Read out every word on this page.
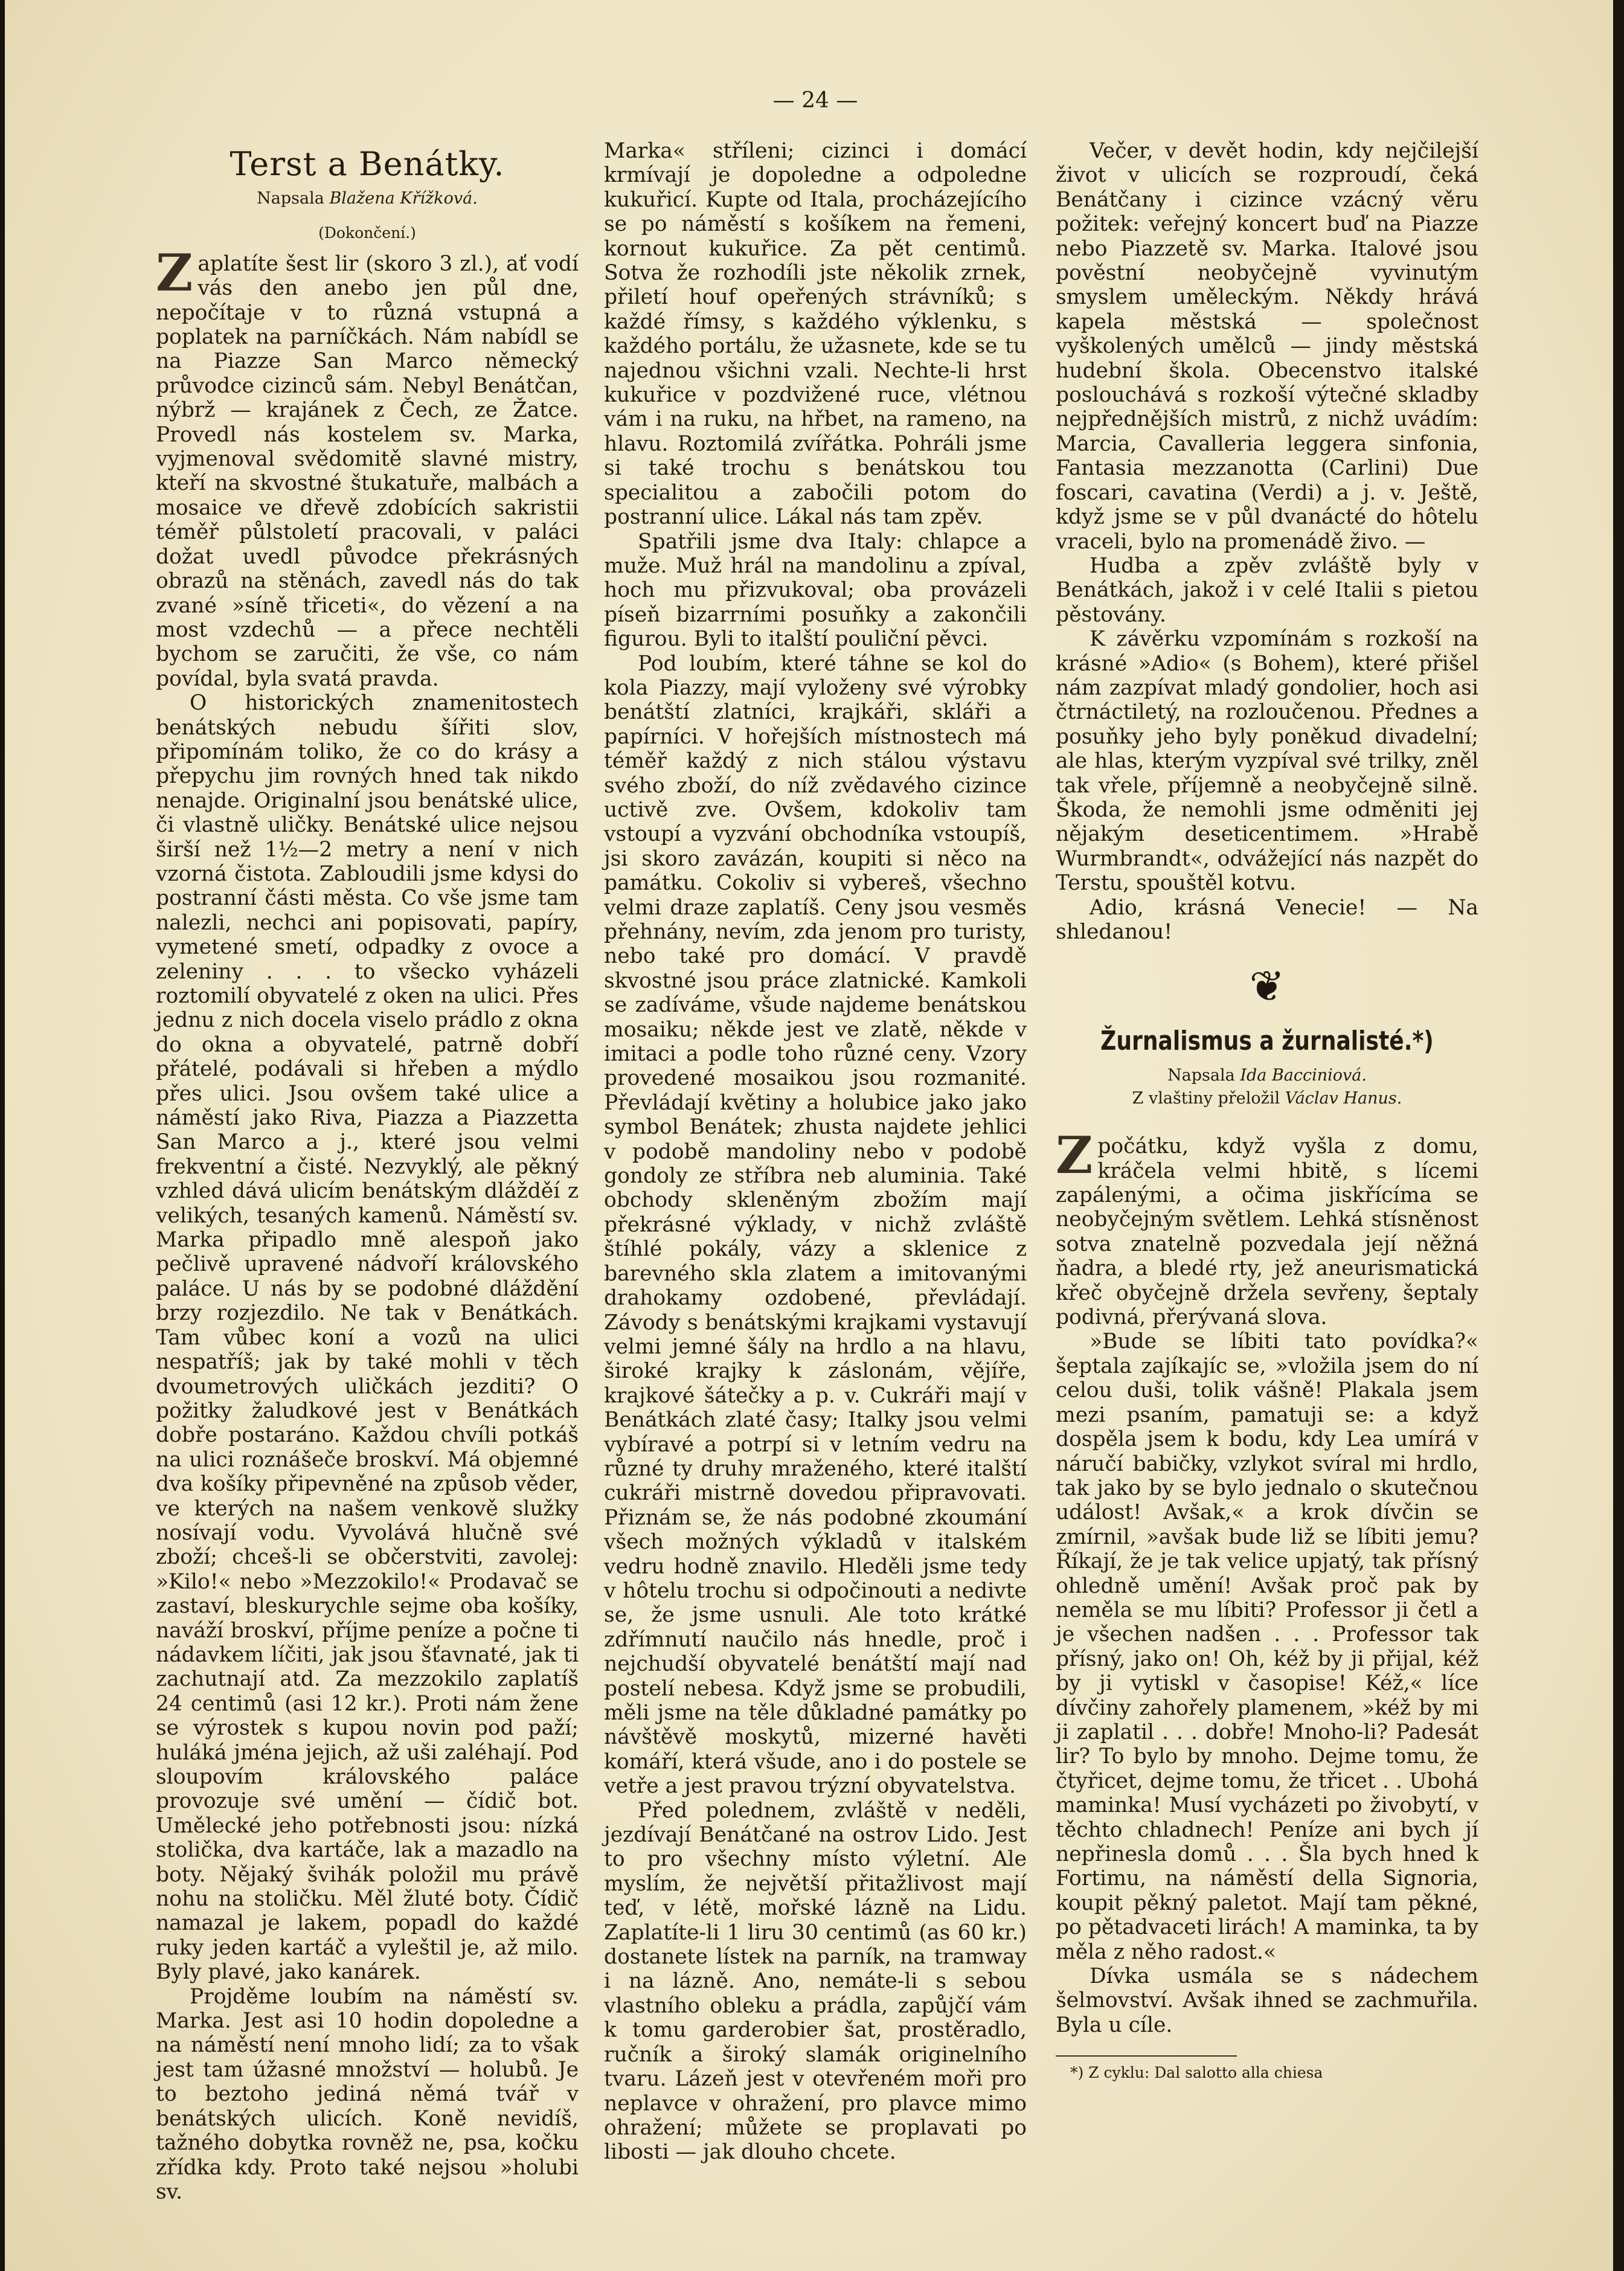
— 24 —
Terst a Benátky.
Napsala Blažena Křížková.
(Dokončení.)

Zaplatíte šest lir (skoro 3 zl.), ať vodí vás den anebo jen půl dne, nepočítaje v to různá vstupná a poplatek na parníčkách. Nám nabídl se na Piazze San Marco německý průvodce cizinců sám. Nebyl Benátčan, nýbrž — krajánek z Čech, ze Žatce. Provedl nás kostelem sv. Marka, vyjmenoval svědomitě slavné mistry, kteří na skvostné štukatuře, malbách a mosaice ve dřevě zdobících sakristii téměř půlstoletí pracovali, v paláci dožat uvedl původce překrásných obrazů na stěnách, zavedl nás do tak zvané »síně třiceti«, do vězení a na most vzdechů — a přece nechtěli bychom se zaručiti, že vše, co nám povídal, byla svatá pravda.

O historických znamenitostech benátských nebudu šířiti slov, připomínám toliko, že co do krásy a přepychu jim rovných hned tak nikdo nenajde. Originalní jsou benátské ulice, či vlastně uličky. Benátské ulice nejsou širší než 1½—2 metry a není v nich vzorná čistota. Zabloudili jsme kdysi do postranní části města. Co vše jsme tam nalezli, nechci ani popisovati, papíry, vymetené smetí, odpadky z ovoce a zeleniny . . . to všecko vyházeli roztomilí obyvatelé z oken na ulici. Přes jednu z nich docela viselo prádlo z okna do okna a obyvatelé, patrně dobří přátelé, podávali si hřeben a mýdlo přes ulici. Jsou ovšem také ulice a náměstí jako Riva, Piazza a Piazzetta San Marco a j., které jsou velmi frekventní a čisté. Nezvyklý, ale pěkný vzhled dává ulicím benátským dlážděí z velikých, tesaných kamenů. Náměstí sv. Marka připadlo mně alespoň jako pečlivě upravené nádvoří královského paláce. U nás by se podobné dláždění brzy rozjezdilo. Ne tak v Benátkách. Tam vůbec koní a vozů na ulici nespatříš; jak by také mohli v těch dvoumetrových uličkách jezditi? O požitky žaludkové jest v Benátkách dobře postaráno. Každou chvíli potkáš na ulici roznášeče broskví. Má objemné dva košíky připevněné na způsob věder, ve kterých na našem venkově služky nosívají vodu. Vyvolává hlučně své zboží; chceš-li se občerstviti, zavolej: »Kilo!« nebo »Mezzokilo!« Prodavač se zastaví, bleskurychle sejme oba košíky, naváží broskví, příjme peníze a počne ti nádavkem líčiti, jak jsou šťavnaté, jak ti zachutnají atd. Za mezzokilo zaplatíš 24 centimů (asi 12 kr.). Proti nám žene se výrostek s kupou novin pod paží; huláká jména jejich, až uši zaléhají. Pod sloupovím královského paláce provozuje své umění — čídič bot. Umělecké jeho potřebnosti jsou: nízká stolička, dva kartáče, lak a mazadlo na boty. Nějaký švihák položil mu právě nohu na stoličku. Měl žluté boty. Čídič namazal je lakem, popadl do každé ruky jeden kartáč a vyleštil je, až milo. Byly plavé, jako kanárek.

Projděme loubím na náměstí sv. Marka. Jest asi 10 hodin dopoledne a na náměstí není mnoho lidí; za to však jest tam úžasné množství — holubů. Je to beztoho jediná němá tvář v benátských ulicích. Koně nevidíš, tažného dobytka rovněž ne, psa, kočku zřídka kdy. Proto také nejsou »holubi sv.

Marka« stříleni; cizinci i domácí krmívají je dopoledne a odpoledne kukuřicí. Kupte od Itala, procházejícího se po náměstí s košíkem na řemeni, kornout kukuřice. Za pět centimů. Sotva že rozhodíli jste několik zrnek, přiletí houf opeřených strávníků; s každé římsy, s každého výklenku, s každého portálu, že užasnete, kde se tu najednou všichni vzali. Nechte-li hrst kukuřice v pozdvižené ruce, vlétnou vám i na ruku, na hřbet, na rameno, na hlavu. Roztomilá zvířátka. Pohráli jsme si také trochu s benátskou tou specialitou a zabočili potom do postranní ulice. Lákal nás tam zpěv.

Spatřili jsme dva Italy: chlapce a muže. Muž hrál na mandolinu a zpíval, hoch mu přizvukoval; oba provázeli píseň bizarrními posuňky a zakončili figurou. Byli to italští pouliční pěvci.

Pod loubím, které táhne se kol do kola Piazzy, mají vyloženy své výrobky benátští zlatníci, krajkáři, skláři a papírníci. V hořejších místnostech má téměř každý z nich stálou výstavu svého zboží, do níž zvědavého cizince uctivě zve. Ovšem, kdokoliv tam vstoupí a vyzvání obchodníka vstoupíš, jsi skoro zavázán, koupiti si něco na památku. Cokoliv si vybereš, všechno velmi draze zaplatíš. Ceny jsou vesměs přehnány, nevím, zda jenom pro turisty, nebo také pro domácí. V pravdě skvostné jsou práce zlatnické. Kamkoli se zadíváme, všude najdeme benátskou mosaiku; někde jest ve zlatě, někde v imitaci a podle toho různé ceny. Vzory provedené mosaikou jsou rozmanité. Převládají květiny a holubice jako jako symbol Benátek; zhusta najdete jehlici v podobě mandoliny nebo v podobě gondoly ze stříbra neb aluminia. Také obchody skleněným zbožím mají překrásné výklady, v nichž zvláště štíhlé pokály, vázy a sklenice z barevného skla zlatem a imitovanými drahokamy ozdobené, převládají. Závody s benátskými krajkami vystavují velmi jemné šály na hrdlo a na hlavu, široké krajky k záslonám, vějíře, krajkové šátečky a p. v. Cukráři mají v Benátkách zlaté časy; Italky jsou velmi vybíravé a potrpí si v letním vedru na různé ty druhy mraženého, které italští cukráři mistrně dovedou připravovati. Přiznám se, že nás podobné zkoumání všech možných výkladů v italském vedru hodně znavilo. Hleděli jsme tedy v hôtelu trochu si odpočinouti a nedivte se, že jsme usnuli. Ale toto krátké zdřímnutí naučilo nás hnedle, proč i nejchudší obyvatelé benátští mají nad postelí nebesa. Když jsme se probudili, měli jsme na těle důkladné památky po návštěvě moskytů, mizerné havěti komáří, která všude, ano i do postele se vetře a jest pravou trýzní obyvatelstva.

Před polednem, zvláště v neděli, jezdívají Benátčané na ostrov Lido. Jest to pro všechny místo výletní. Ale myslím, že největší přitažlivost mají teď, v létě, mořské lázně na Lidu. Zaplatíte-li 1 liru 30 centimů (as 60 kr.) dostanete lístek na parník, na tramway i na lázně. Ano, nemáte-li s sebou vlastního obleku a prádla, zapůjčí vám k tomu garderobier šat, prostěradlo, ručník a široký slamák originelního tvaru. Lázeň jest v otevřeném moři pro neplavce v ohražení, pro plavce mimo ohražení; můžete se proplavati po libosti — jak dlouho chcete.

Večer, v devět hodin, kdy nejčilejší život v ulicích se rozproudí, čeká Benátčany i cizince vzácný věru požitek: veřejný koncert buď na Piazze nebo Piazzetě sv. Marka. Italové jsou pověstní neobyčejně vyvinutým smyslem uměleckým. Někdy hrává kapela městská — společnost vyškolených umělců — jindy městská hudební škola. Obecenstvo italské poslouchává s rozkoší výtečné skladby nejpřednějších mistrů, z nichž uvádím: Marcia, Cavalleria leggera sinfonia, Fantasia mezzanotta (Carlini) Due foscari, cavatina (Verdi) a j. v. Ještě, když jsme se v půl dvanácté do hôtelu vraceli, bylo na promenádě živo. —

Hudba a zpěv zvláště byly v Benátkách, jakož i v celé Italii s pietou pěstovány.

K závěrku vzpomínám s rozkoší na krásné »Adio« (s Bohem), které přišel nám zazpívat mladý gondolier, hoch asi čtrnáctiletý, na rozloučenou. Přednes a posuňky jeho byly poněkud divadelní; ale hlas, kterým vyzpíval své trilky, zněl tak vřele, příjemně a neobyčejně silně. Škoda, že nemohli jsme odměniti jej nějakým deseticentimem. »Hrabě Wurmbrandt«, odvážející nás nazpět do Terstu, spouštěl kotvu.

Adio, krásná Venecie! — Na shledanou!

❦
Žurnalismus a žurnalisté.*)
Napsala Ida Bacciniová.
Z vlaštiny přeložil Václav Hanus.

Zpočátku, když vyšla z domu, kráčela velmi hbitě, s lícemi zapálenými, a očima jiskřícíma se neobyčejným světlem. Lehká stísněnost sotva znatelně pozvedala její něžná ňadra, a bledé rty, jež aneurismatická křeč obyčejně držela sevřeny, šeptaly podivná, přerývaná slova.

»Bude se líbiti tato povídka?« šeptala zajíkajíc se, »vložila jsem do ní celou duši, tolik vášně! Plakala jsem mezi psaním, pamatuji se: a když dospěla jsem k bodu, kdy Lea umírá v náručí babičky, vzlykot svíral mi hrdlo, tak jako by se bylo jednalo o skutečnou událost! Avšak,« a krok dívčin se zmírnil, »avšak bude liž se líbiti jemu? Říkají, že je tak velice upjatý, tak přísný ohledně umění! Avšak proč pak by neměla se mu líbiti? Professor ji četl a je všechen nadšen . . . Professor tak přísný, jako on! Oh, kéž by ji přijal, kéž by ji vytiskl v časopise! Kéž,« líce dívčiny zahořely plamenem, »kéž by mi ji zaplatil . . . dobře! Mnoho-li? Padesát lir? To bylo by mnoho. Dejme tomu, že čtyřicet, dejme tomu, že třicet . . Ubohá maminka! Musí vycházeti po živobytí, v těchto chladnech! Peníze ani bych jí nepřinesla domů . . . Šla bych hned k Fortimu, na náměstí della Signoria, koupit pěkný paletot. Mají tam pěkné, po pětadvaceti lirách! A maminka, ta by měla z něho radost.«

Dívka usmála se s nádechem šelmovství. Avšak ihned se zachmuřila. Byla u cíle.

*) Z cyklu: Dal salotto alla chiesa
